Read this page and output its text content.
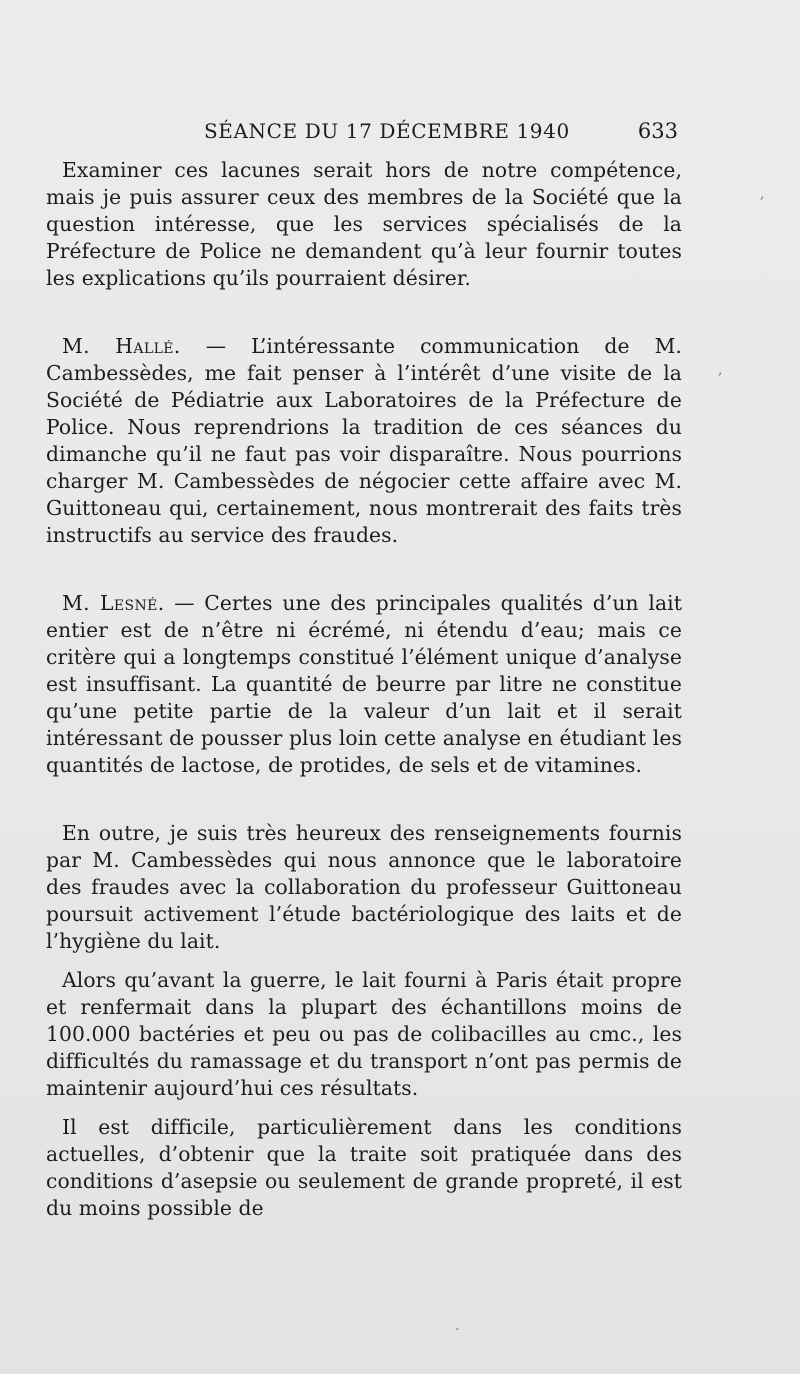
SÉANCE DU 17 DÉCEMBRE 1940	633

Examiner ces lacunes serait hors de notre compétence, mais je puis assurer ceux des membres de la Société que la question intéresse, que les services spécialisés de la Préfecture de Police ne demandent qu’à leur fournir toutes les explications qu’ils pourraient désirer.

M. Hallé. — L’intéressante communication de M. Cambessèdes, me fait penser à l’intérêt d’une visite de la Société de Pédiatrie aux Laboratoires de la Préfecture de Police. Nous reprendrions la tradition de ces séances du dimanche qu’il ne faut pas voir disparaître. Nous pourrions charger M. Cambessèdes de négocier cette affaire avec M. Guittoneau qui, certainement, nous montrerait des faits très instructifs au service des fraudes.

M. Lesné. — Certes une des principales qualités d’un lait entier est de n’être ni écrémé, ni étendu d’eau; mais ce critère qui a longtemps constitué l’élément unique d’analyse est insuffisant. La quantité de beurre par litre ne constitue qu’une petite partie de la valeur d’un lait et il serait intéressant de pousser plus loin cette analyse en étudiant les quantités de lactose, de protides, de sels et de vitamines.

En outre, je suis très heureux des renseignements fournis par M. Cambessèdes qui nous annonce que le laboratoire des fraudes avec la collaboration du professeur Guittoneau poursuit activement l’étude bactériologique des laits et de l’hygiène du lait.

Alors qu’avant la guerre, le lait fourni à Paris était propre et renfermait dans la plupart des échantillons moins de 100.000 bactéries et peu ou pas de colibacilles au cmc., les difficultés du ramassage et du transport n’ont pas permis de maintenir aujourd’hui ces résultats.

Il est difficile, particulièrement dans les conditions actuelles, d’obtenir que la traite soit pratiquée dans des conditions d’asepsie ou seulement de grande propreté, il est du moins possible de

,
,
.
